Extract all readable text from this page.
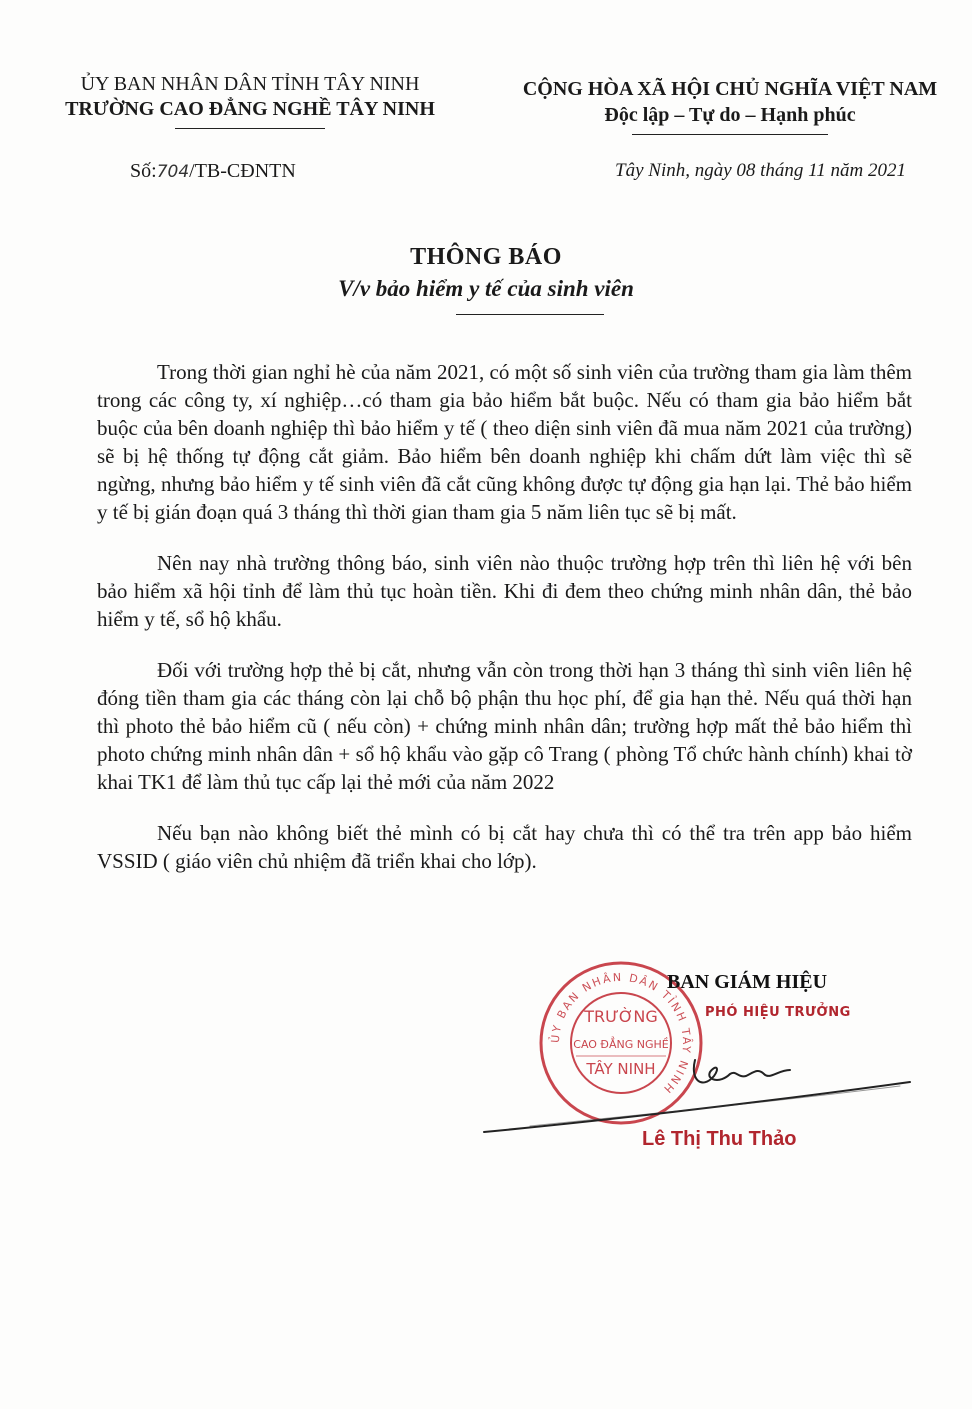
ỦY BAN NHÂN DÂN TỈNH TÂY NINH
TRƯỜNG CAO ĐẲNG NGHỀ TÂY NINH
CỘNG HÒA XÃ HỘI CHỦ NGHĨA VIỆT NAM
Độc lập – Tự do – Hạnh phúc
Số:704/TB-CĐNTN	Tây Ninh, ngày 08 tháng 11 năm 2021
THÔNG BÁO
V/v bảo hiểm y tế của sinh viên

Trong thời gian nghỉ hè của năm 2021, có một số sinh viên của trường tham gia làm thêm trong các công ty, xí nghiệp…có tham gia bảo hiểm bắt buộc. Nếu có tham gia bảo hiểm bắt buộc của bên doanh nghiệp thì bảo hiểm y tế ( theo diện sinh viên đã mua năm 2021 của trường) sẽ bị hệ thống tự động cắt giảm. Bảo hiểm bên doanh nghiệp khi chấm dứt làm việc thì sẽ ngừng, nhưng bảo hiểm y tế sinh viên đã cắt cũng không được tự động gia hạn lại. Thẻ bảo hiểm y tế bị gián đoạn quá 3 tháng thì thời gian tham gia 5 năm liên tục sẽ bị mất.

Nên nay nhà trường thông báo, sinh viên nào thuộc trường hợp trên thì liên hệ với bên bảo hiểm xã hội tỉnh để làm thủ tục hoàn tiền. Khi đi đem theo chứng minh nhân dân, thẻ bảo hiểm y tế, sổ hộ khẩu.

Đối với trường hợp thẻ bị cắt, nhưng vẫn còn trong thời hạn 3 tháng thì sinh viên liên hệ đóng tiền tham gia các tháng còn lại chỗ bộ phận thu học phí, để gia hạn thẻ. Nếu quá thời hạn thì photo thẻ bảo hiểm cũ ( nếu còn) + chứng minh nhân dân; trường hợp mất thẻ bảo hiểm thì photo chứng minh nhân dân + sổ hộ khẩu vào gặp cô Trang ( phòng Tổ chức hành chính) khai tờ khai TK1 để làm thủ tục cấp lại thẻ mới của năm 2022

Nếu bạn nào không biết thẻ mình có bị cắt hay chưa thì có thể tra trên app bảo hiểm VSSID ( giáo viên chủ nhiệm đã triển khai cho lớp).

ỦY BAN NHÂN DÂN TỈNH TÂY NINH
TRƯỜNG
CAO ĐẲNG NGHỀ
TÂY NINH
BAN GIÁM HIỆU
PHÓ HIỆU TRƯỞNG
Lê Thị Thu Thảo
